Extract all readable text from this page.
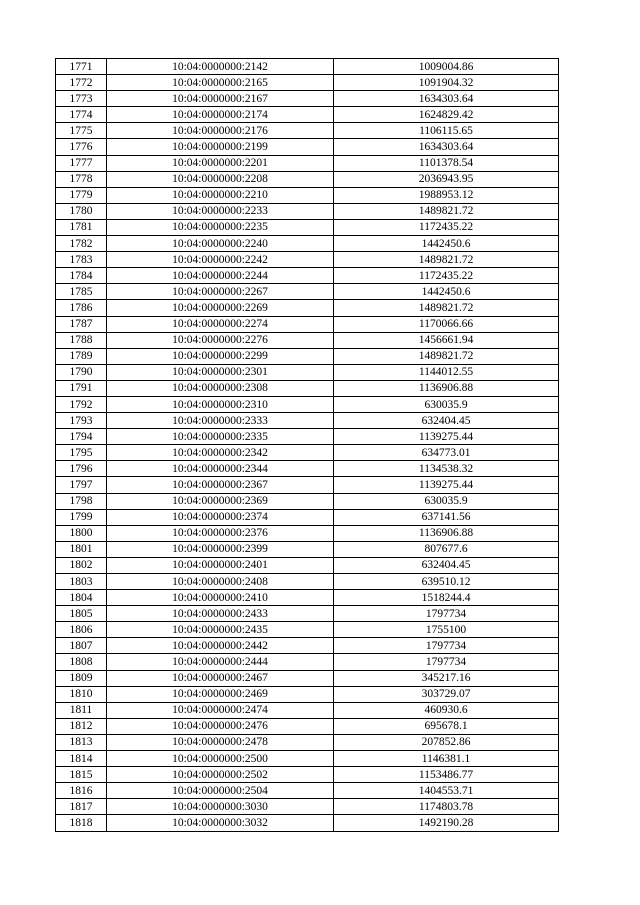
1771	10:04:0000000:2142	1009004.86
1772	10:04:0000000:2165	1091904.32
1773	10:04:0000000:2167	1634303.64
1774	10:04:0000000:2174	1624829.42
1775	10:04:0000000:2176	1106115.65
1776	10:04:0000000:2199	1634303.64
1777	10:04:0000000:2201	1101378.54
1778	10:04:0000000:2208	2036943.95
1779	10:04:0000000:2210	1988953.12
1780	10:04:0000000:2233	1489821.72
1781	10:04:0000000:2235	1172435.22
1782	10:04:0000000:2240	1442450.6
1783	10:04:0000000:2242	1489821.72
1784	10:04:0000000:2244	1172435.22
1785	10:04:0000000:2267	1442450.6
1786	10:04:0000000:2269	1489821.72
1787	10:04:0000000:2274	1170066.66
1788	10:04:0000000:2276	1456661.94
1789	10:04:0000000:2299	1489821.72
1790	10:04:0000000:2301	1144012.55
1791	10:04:0000000:2308	1136906.88
1792	10:04:0000000:2310	630035.9
1793	10:04:0000000:2333	632404.45
1794	10:04:0000000:2335	1139275.44
1795	10:04:0000000:2342	634773.01
1796	10:04:0000000:2344	1134538.32
1797	10:04:0000000:2367	1139275.44
1798	10:04:0000000:2369	630035.9
1799	10:04:0000000:2374	637141.56
1800	10:04:0000000:2376	1136906.88
1801	10:04:0000000:2399	807677.6
1802	10:04:0000000:2401	632404.45
1803	10:04:0000000:2408	639510.12
1804	10:04:0000000:2410	1518244.4
1805	10:04:0000000:2433	1797734
1806	10:04:0000000:2435	1755100
1807	10:04:0000000:2442	1797734
1808	10:04:0000000:2444	1797734
1809	10:04:0000000:2467	345217.16
1810	10:04:0000000:2469	303729.07
1811	10:04:0000000:2474	460930.6
1812	10:04:0000000:2476	695678.1
1813	10:04:0000000:2478	207852.86
1814	10:04:0000000:2500	1146381.1
1815	10:04:0000000:2502	1153486.77
1816	10:04:0000000:2504	1404553.71
1817	10:04:0000000:3030	1174803.78
1818	10:04:0000000:3032	1492190.28
